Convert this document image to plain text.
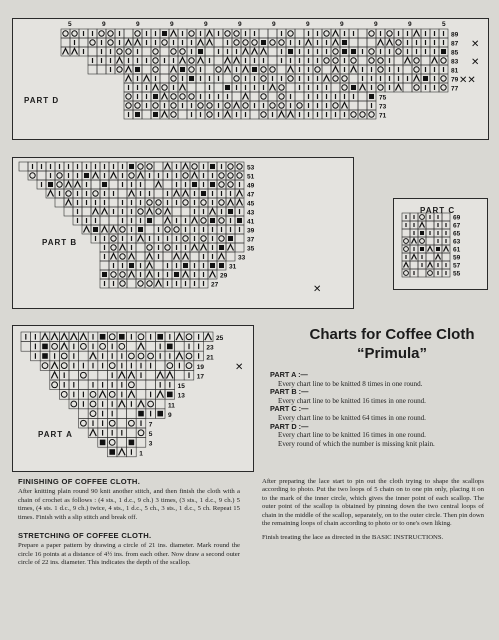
89
87
85
83
81
79
77
75
73
71
5	9	9	9	9	9	9	9	9	9	9	5
✕
✕
✕✕
PART D
53
51
49
47
45
43
41
39
37
35
33
31
29
27	✕
PART B
69
67
65
63
61
59
57
55
PART C
25
23
21
19
17
15
13
11
9
7
5
3
1
✕
PART A
Charts for Coffee Cloth
“Primula”
PART A :—
Every chart line to be knitted 8 times in one round.
PART B :—
Every chart line to be knitted 16 times in one round.
PART C :—
Every chart line to be knitted 64 times in one round.
PART D :—
Every chart line to be knitted 16 times in one round.
Every round of which the number is missing knit plain.
FINISHING OF COFFEE CLOTH.

After knitting plain round 90 knit another stitch, and then finish the cloth with a chain of crochet as follows : (4 sts., 1 d.c., 9 ch.) 3 times, (3 sts., 1 d.c., 9 ch.) 5 times, (4 sts. 1 d.c., 9 ch.) twice, 4 sts., 1 d.c., 5 ch., 3 sts., 1 d.c., 5 ch. Repeat 15 times. Finish with a slip stitch and break off.

STRETCHING OF COFFEE CLOTH.

Prepare a paper pattern by drawing a circle of 21 ins. diameter. Mark round the circle 16 points at a distance of 4½ ins. from each other. Now draw a second outer circle of 22 ins. diameter. This indicates the depth of the scallop.

After preparing the lace start to pin out the cloth trying to shape the scallops according to photo. Put the two loops of 5 chain on to one pin only, placing it on to the mark of the inner circle, which gives the inner point of each scallop. The outer point of the scallop is obtained by pinning down the two central loops of chain in the middle of the scallop, separately, on to the outer circle. Then pin down the remaining loops of chain according to photo or to one's own liking.

Finish treating the lace as directed in the BASIC INSTRUCTIONS.
